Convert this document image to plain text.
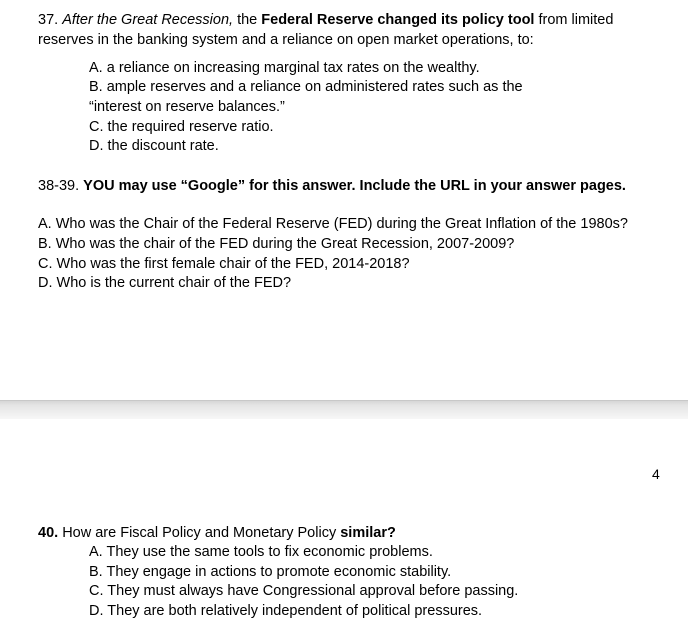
37. After the Great Recession, the Federal Reserve changed its policy tool from limited
reserves in the banking system and a reliance on open market operations, to:
A. a reliance on increasing marginal tax rates on the wealthy.
B. ample reserves and a reliance on administered rates such as the
“interest on reserve balances.”
C. the required reserve ratio.
D. the discount rate.
38-39. YOU may use “Google” for this answer. Include the URL in your answer pages.
A. Who was the Chair of the Federal Reserve (FED) during the Great Inflation of the 1980s?
B. Who was the chair of the FED during the Great Recession, 2007-2009?
C. Who was the first female chair of the FED, 2014-2018?
D. Who is the current chair of the FED?
4
40. How are Fiscal Policy and Monetary Policy similar?
A. They use the same tools to fix economic problems.
B. They engage in actions to promote economic stability.
C. They must always have Congressional approval before passing.
D. They are both relatively independent of political pressures.
